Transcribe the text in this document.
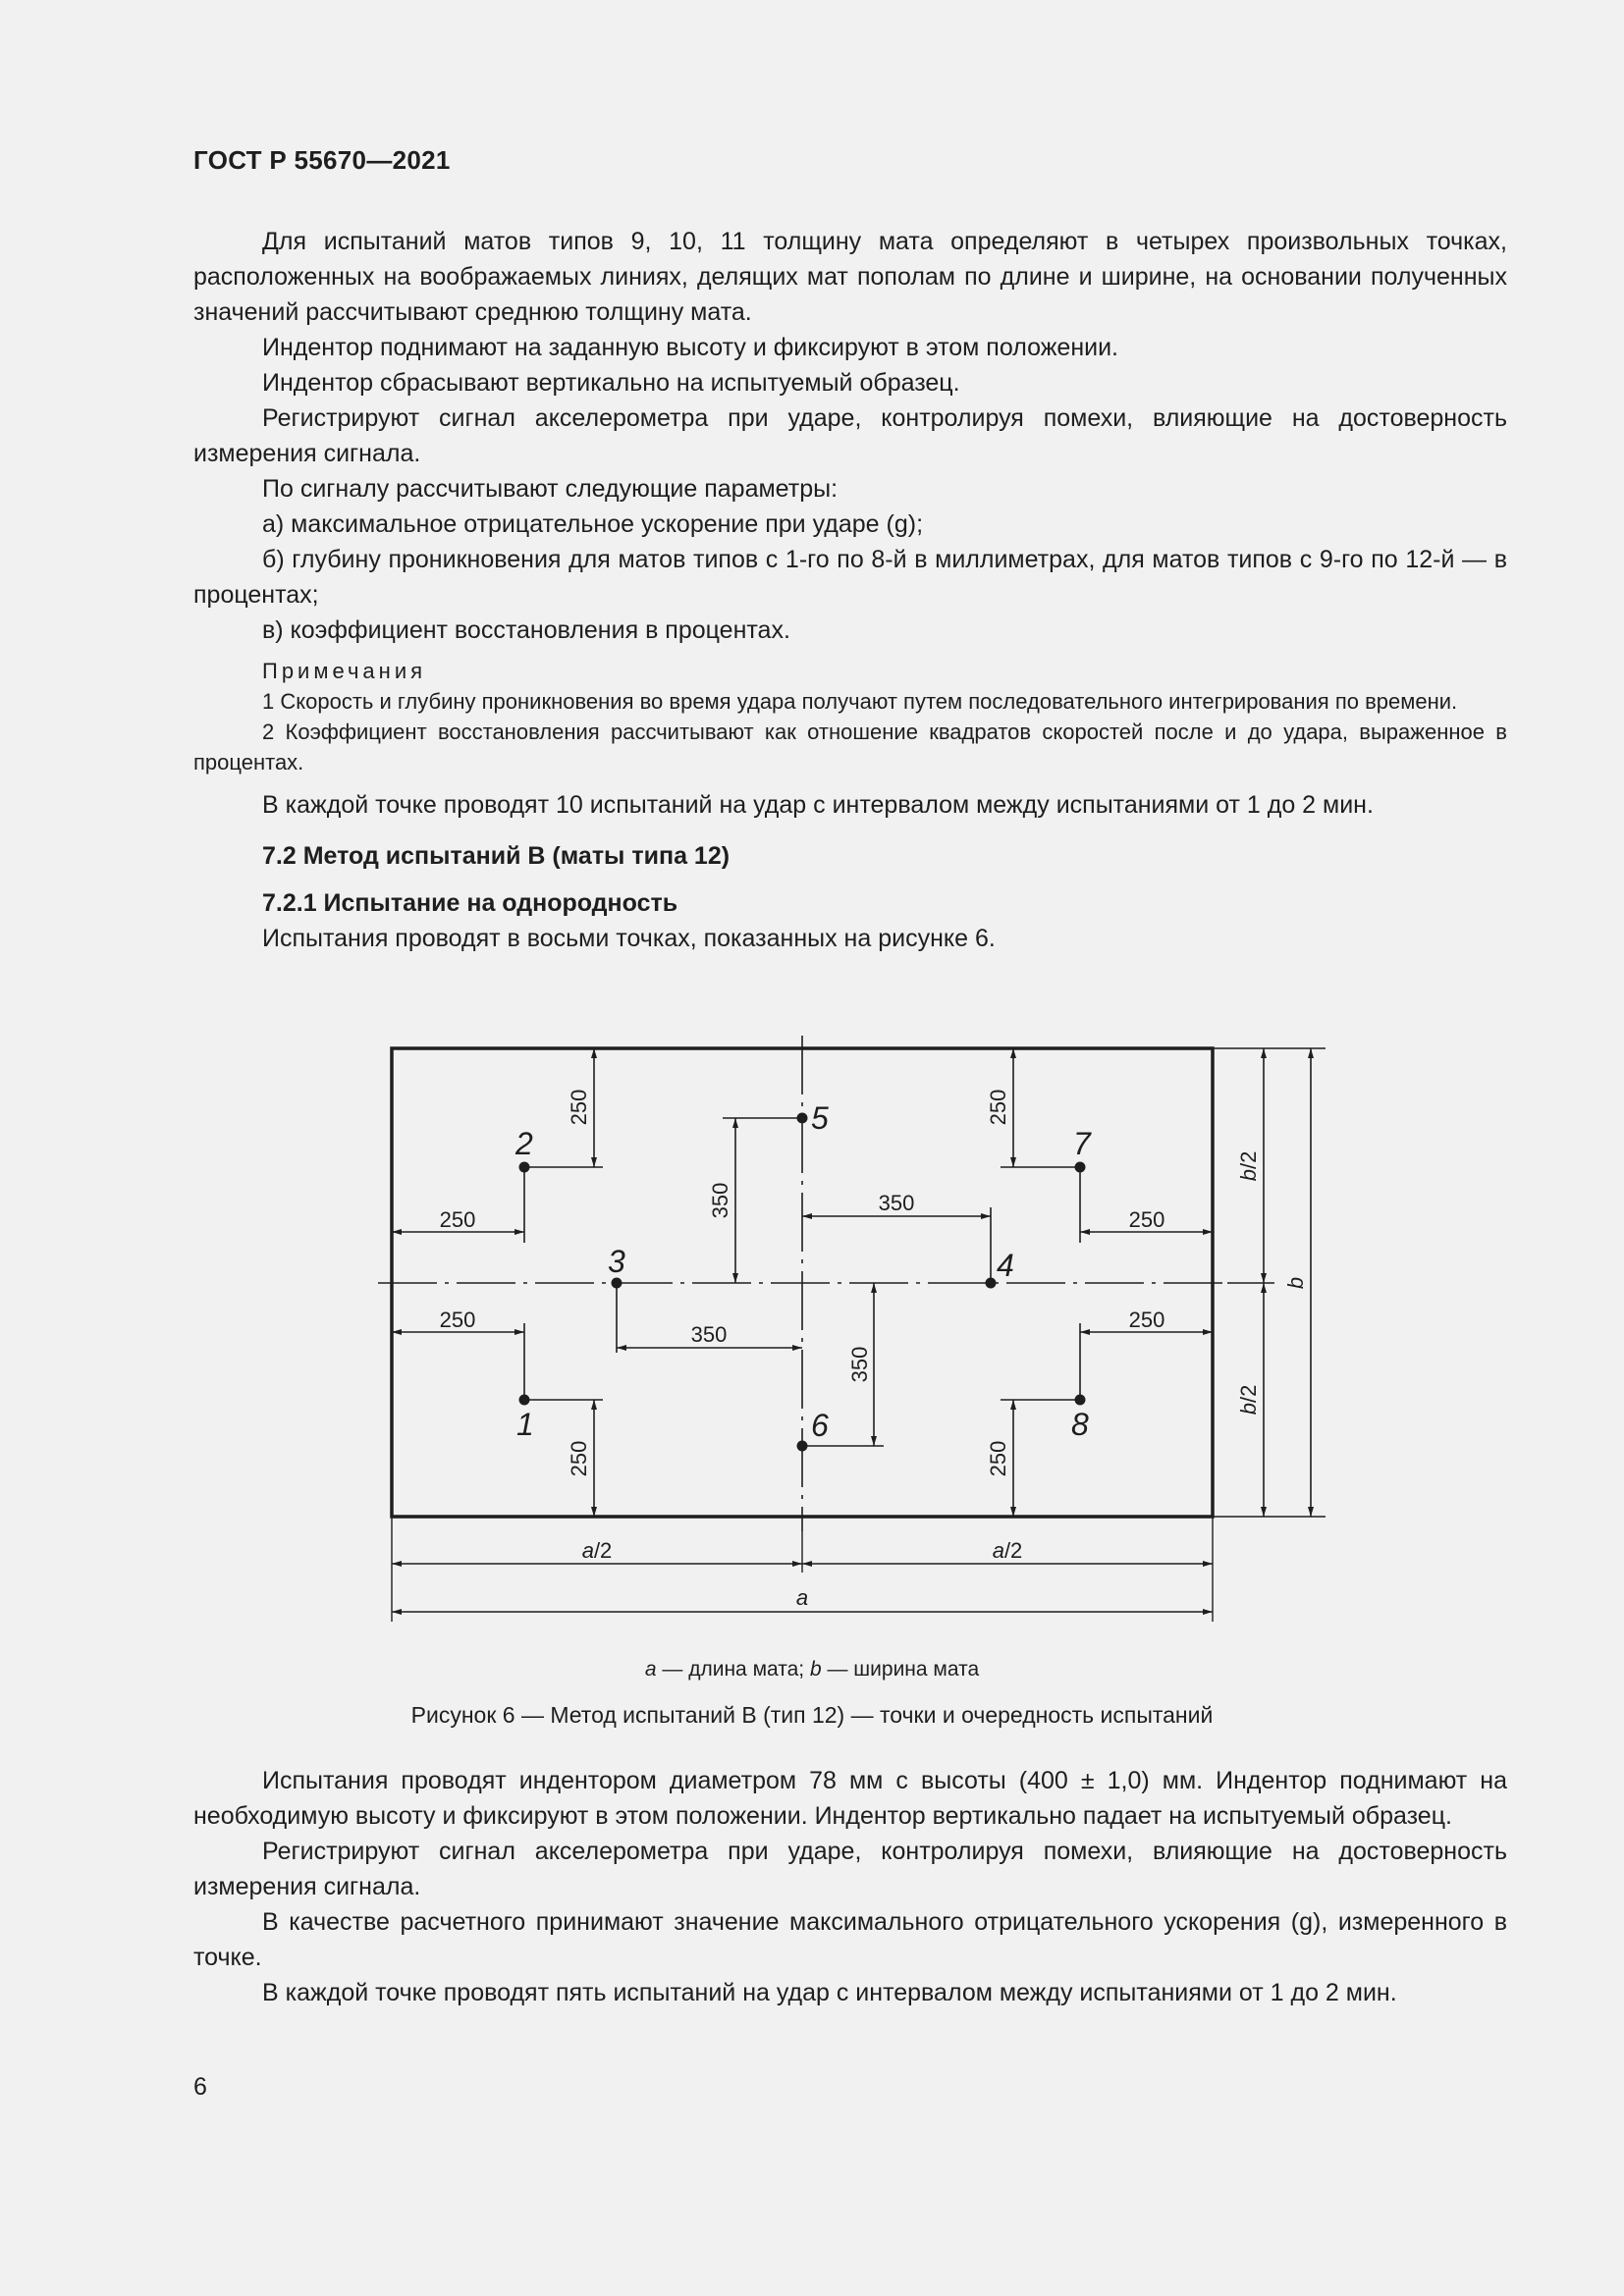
ГОСТ Р 55670—2021

Для испытаний матов типов 9, 10, 11 толщину мата определяют в четырех произвольных точках, расположенных на воображаемых линиях, делящих мат пополам по длине и ширине, на основании полученных значений рассчитывают среднюю толщину мата.

Индентор поднимают на заданную высоту и фиксируют в этом положении.

Индентор сбрасывают вертикально на испытуемый образец.

Регистрируют сигнал акселерометра при ударе, контролируя помехи, влияющие на достоверность измерения сигнала.

По сигналу рассчитывают следующие параметры:

а) максимальное отрицательное ускорение при ударе (g);

б) глубину проникновения для матов типов с 1-го по 8-й в миллиметрах, для матов типов с 9-го по 12-й — в процентах;

в) коэффициент восстановления в процентах.

Примечания

1 Скорость и глубину проникновения во время удара получают путем последовательного интегрирования по времени.

2 Коэффициент восстановления рассчитывают как отношение квадратов скоростей после и до удара, выраженное в процентах.

В каждой точке проводят 10 испытаний на удар с интервалом между испытаниями от 1 до 2 мин.

7.2 Метод испытаний В (маты типа 12)

7.2.1 Испытание на однородность

Испытания проводят в восьми точках, показанных на рисунке 6.

1
2
3	4
5
6
7
8
250
250
250
250
350
350
a/2	a/2
a
250
250
250
250
350
350
b/2
b/2
b
a — длина мата; b — ширина мата
Рисунок 6 — Метод испытаний В (тип 12) — точки и очередность испытаний

Испытания проводят индентором диаметром 78 мм с высоты (400 ± 1,0) мм. Индентор поднимают на необходимую высоту и фиксируют в этом положении. Индентор вертикально падает на испытуемый образец.

Регистрируют сигнал акселерометра при ударе, контролируя помехи, влияющие на достоверность измерения сигнала.

В качестве расчетного принимают значение максимального отрицательного ускорения (g), измеренного в точке.

В каждой точке проводят пять испытаний на удар с интервалом между испытаниями от 1 до 2 мин.

6
